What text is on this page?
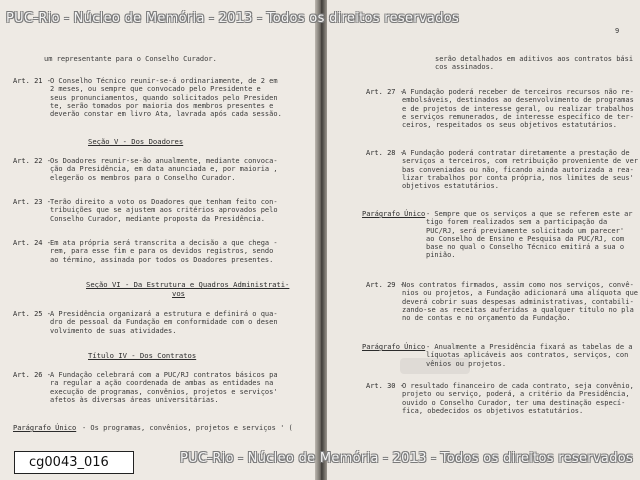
um representante para o Conselho Curador.
Art. 21 - O Conselho Técnico reunir-se-á ordinariamente, de 2 em
2 meses, ou sempre que convocado pelo Presidente e
seus pronunciamentos, quando solicitados pelo Presiden
te, serão tomados por maioria dos membros presentes e
deverão constar em livro Ata, lavrada após cada sessão.
Seção V - Dos Doadores
Art. 22 - Os Doadores reunir-se-ão anualmente, mediante convoca-
ção da Presidência, em data anunciada e, por maioria ,
elegerão os membros para o Conselho Curador.
Art. 23 - Terão direito a voto os Doadores que tenham feito con-
tribuições que se ajustem aos critérios aprovados pelo
Conselho Curador, mediante proposta da Presidência.
Art. 24 - Em ata própria será transcrita a decisão a que chega -
rem, para esse fim e para os devidos registros, sendo
ao término, assinada por todos os Doadores presentes.
Seção VI - Da Estrutura e Quadros Administrati-
vos
Art. 25 - A Presidência organizará a estrutura e definirá o qua-
dro de pessoal da Fundação em conformidade com o desen
volvimento de suas atividades.
Título IV - Dos Contratos
Art. 26 - A Fundação celebrará com a PUC/RJ contratos básicos pa
ra regular a ação coordenada de ambas as entidades na
execução de programas, convênios, projetos e serviços'
afetos às diversas áreas universitárias.
Parágrafo Único - Os programas, convênios, projetos e serviços ' (
serão detalhados em aditivos aos contratos bási
cos assinados.
Art. 27 -
A Fundação poderá receber de terceiros recursos não re-
embolsáveis, destinados ao desenvolvimento de programas
e de projetos de interesse geral, ou realizar trabalhos
e serviços remunerados, de interesse específico de ter-
ceiros, respeitados os seus objetivos estatutários.
Art. 28 -
A Fundação poderá contratar diretamente a prestação de
serviços a terceiros, com retribuição proveniente de ver
bas conveniadas ou não, ficando ainda autorizada a rea-
lizar trabalhos por conta própria, nos limites de seus'
objetivos estatutários.
Parágrafo Único - Sempre que os serviços a que se referem este ar
tigo forem realizados sem a participação da
PUC/RJ, será previamente solicitado um parecer'
ao Conselho de Ensino e Pesquisa da PUC/RJ, com
base no qual o Conselho Técnico emitirá a sua o
pinião.
Art. 29 -
Nos contratos firmados, assim como nos serviços, convê-
nios ou projetos, a Fundação adicionará uma alíquota que
deverá cobrir suas despesas administrativas, contabili-
zando-se as receitas auferidas a qualquer título no pla
no de contas e no orçamento da Fundação.
Parágrafo Único - Anualmente a Presidência fixará as tabelas de a
líquotas aplicáveis aos contratos, serviços, con
vênios ou projetos.
Art. 30 -
O resultado financeiro de cada contrato, seja convênio,
projeto ou serviço, poderá, a critério da Presidência,
ouvido o Conselho Curador, ter uma destinação especí-
fica, obedecidos os objetivos estatutários.
9
PUC-Rio - Núcleo de Memória - 2013 - Todos os direitos reservados
PUC-Rio - Núcleo de Memória - 2013 - Todos os direitos reservados
cg0043_016
